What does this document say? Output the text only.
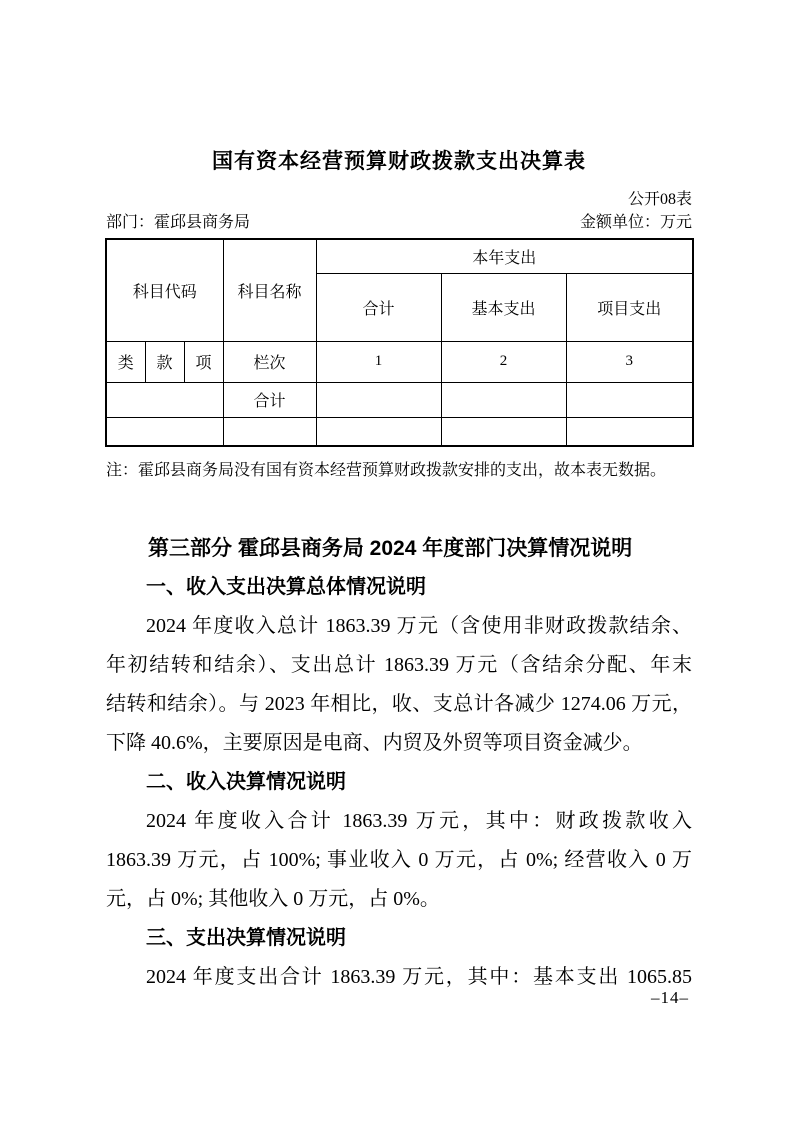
国有资本经营预算财政拨款支出决算表
公开08表
部门：霍邱县商务局	金额单位：万元
科目代码			科目名称	本年支出		
				合计	基本支出	项目支出
类	款	项	栏次	1	2	3
			合计			

注：霍邱县商务局没有国有资本经营预算财政拨款安排的支出，故本表无数据。
第三部分 霍邱县商务局 2024 年度部门决算情况说明
一、收入支出决算总体情况说明
2024 年度收入总计 1863.39 万元（含使用非财政拨款结余、
年初结转和结余）、支出总计 1863.39 万元（含结余分配、年末
结转和结余）。与 2023 年相比，收、支总计各减少 1274.06 万元，
下降 40.6%，主要原因是电商、内贸及外贸等项目资金减少。
二、收入决算情况说明
2024 年度收入合计 1863.39 万元，其中：财政拨款收入
1863.39 万元，占 100%; 事业收入 0 万元，占 0%; 经营收入 0 万
元，占 0%; 其他收入 0 万元，占 0%。
三、支出决算情况说明
2024 年度支出合计 1863.39 万元，其中：基本支出 1065.85
–14–
